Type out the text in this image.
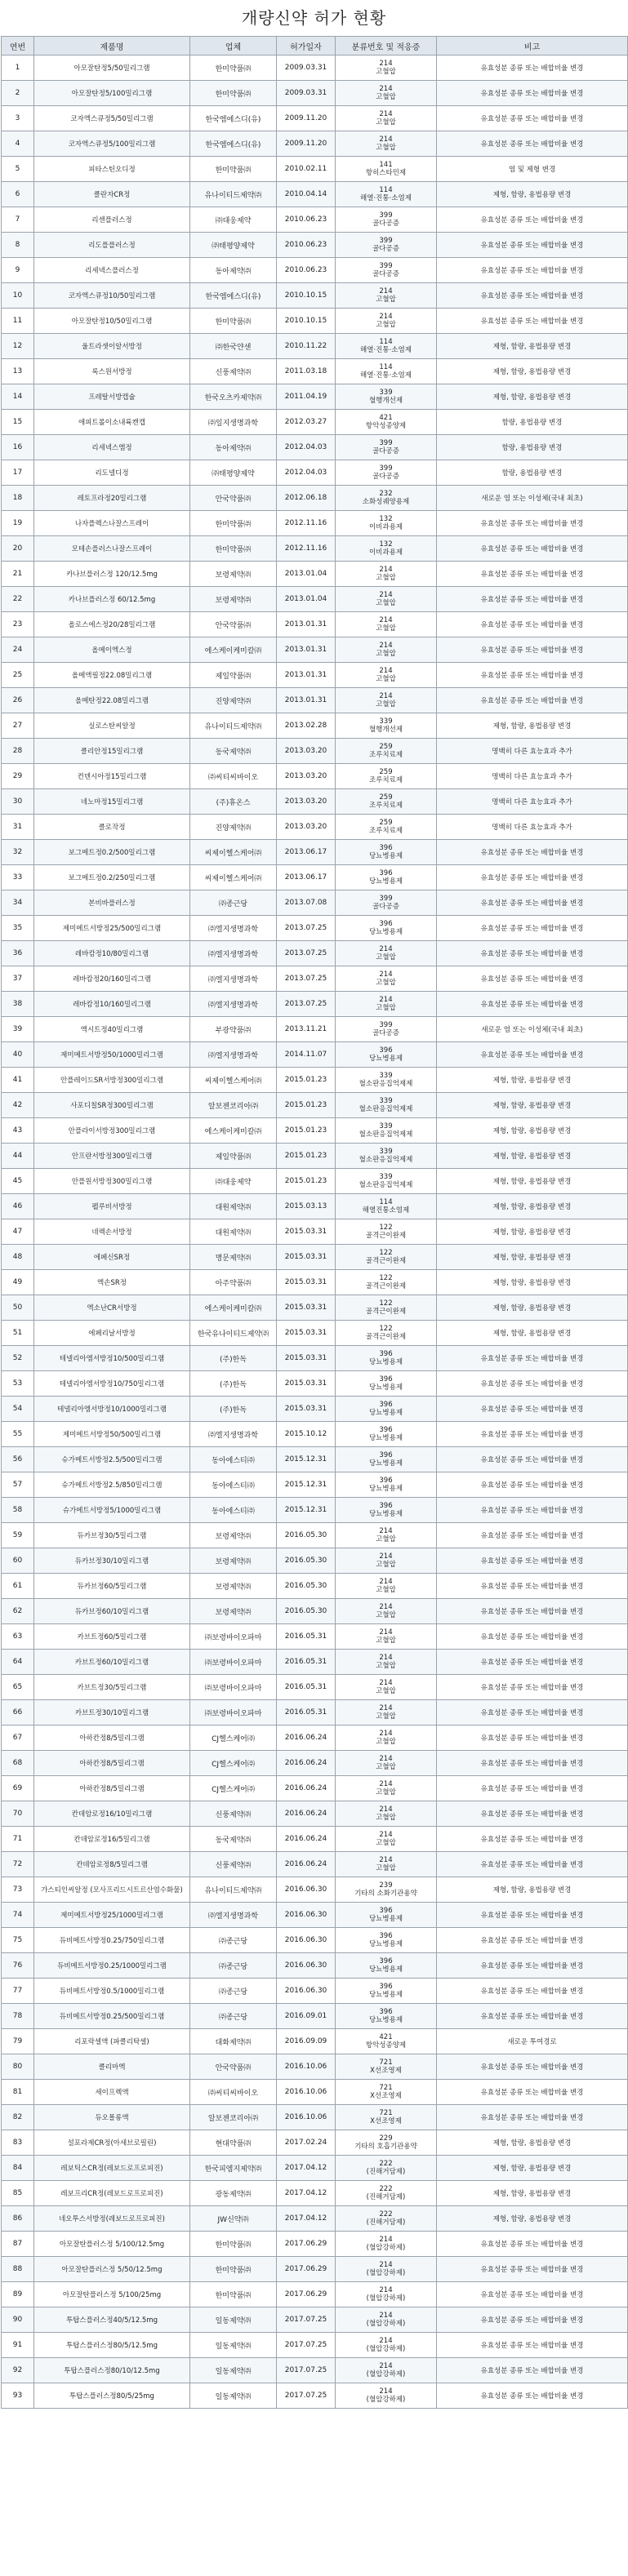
개량신약 허가 현황
연번	제품명	업체	허가일자	분류번호 및 적응증	비고
1	아모잘탄정5/50밀리그램	한미약품㈜	2009.03.31	214
고혈압	유효성분 종류 또는 배합비율 변경
2	아모잘탄정5/100밀리그램	한미약품㈜	2009.03.31	214
고혈압	유효성분 종류 또는 배합비율 변경
3	코자엑스큐정5/50밀리그램	한국엠에스디(유)	2009.11.20	214
고혈압	유효성분 종류 또는 배합비율 변경
4	코자엑스큐정5/100밀리그램	한국엠에스디(유)	2009.11.20	214
고혈압	유효성분 종류 또는 배합비율 변경
5	피타스틴오디정	한미약품㈜	2010.02.11	141
항히스타민제	염 및 제형 변경
6	클란자CR정	유나이티드제약㈜	2010.04.14	114
해열·진통·소염제	제형, 함량, 용법용량 변경
7	리센플러스정	㈜대웅제약	2010.06.23	399
골다공증	유효성분 종류 또는 배합비율 변경
8	리도플플러스정	㈜태평양제약	2010.06.23	399
골다공증	유효성분 종류 또는 배합비율 변경
9	리세넥스플러스정	동아제약㈜	2010.06.23	399
골다공증	유효성분 종류 또는 배합비율 변경
10	코자엑스큐정10/50밀리그램	한국엠에스디(유)	2010.10.15	214
고혈압	유효성분 종류 또는 배합비율 변경
11	아모잘탄정10/50밀리그램	한미약품㈜	2010.10.15	214
고혈압	유효성분 종류 또는 배합비율 변경
12	울트라셋이알서방정	㈜한국얀센	2010.11.22	114
해열·진통·소염제	제형, 함량, 용법용량 변경
13	록스원서방정	신풍제약㈜	2011.03.18	114
해열·진통·소염제	제형, 함량, 용법용량 변경
14	프레탈서방캡슐	한국오츠카제약㈜	2011.04.19	339
혈행개선제	제형, 함량, 용법용량 변경
15	애피트롤이소내륙캔캡	㈜일지생명과학	2012.03.27	421
항악성종양제	함량, 용법용량 변경
16	리세넥스엠정	동아제약㈜	2012.04.03	399
골다공증	함량, 용법용량 변경
17	리도넬디정	㈜태평양제약	2012.04.03	399
골다공증	함량, 용법용량 변경
18	레토프라정20밀리그램	안국약품㈜	2012.06.18	232
소화성궤양용제	새로운 염 또는 이성체(국내 최초)
19	나자플렉스나잘스프레이	한미약품㈜	2012.11.16	132
이비과용제	유효성분 종류 또는 배합비율 변경
20	모테손플러스나잘스프레이	한미약품㈜	2012.11.16	132
이비과용제	유효성분 종류 또는 배합비율 변경
21	카나브플러스정 120/12.5mg	보령제약㈜	2013.01.04	214
고혈압	유효성분 종류 또는 배합비율 변경
22	카나브플러스정 60/12.5mg	보령제약㈜	2013.01.04	214
고혈압	유효성분 종류 또는 배합비율 변경
23	올로스에스정20/28밀리그램	안국약품㈜	2013.01.31	214
고혈압	유효성분 종류 또는 배합비율 변경
24	올메이엑스정	에스케이케미칼㈜	2013.01.31	214
고혈압	유효성분 종류 또는 배합비율 변경
25	올메액필정22.08밀리그램	제일약품㈜	2013.01.31	214
고혈압	유효성분 종류 또는 배합비율 변경
26	올메탄정22.08밀리그램	진양제약㈜	2013.01.31	214
고혈압	유효성분 종류 또는 배합비율 변경
27	실로스탄씨알정	유나이티드제약㈜	2013.02.28	339
혈행개선제	제형, 함량, 용법용량 변경
28	클리안정15밀리그램	동국제약㈜	2013.03.20	259
조루치료제	명백히 다른 효능효과 추가
29	컨덴시아정15밀리그램	㈜씨티씨바이오	2013.03.20	259
조루치료제	명백히 다른 효능효과 추가
30	네노마정15밀리그램	(주)휴온스	2013.03.20	259
조루치료제	명백히 다른 효능효과 추가
31	클로작정	진양제약㈜	2013.03.20	259
조루치료제	명백히 다른 효능효과 추가
32	보그메트정0.2/500밀리그램	씨제이헬스케어㈜	2013.06.17	396
당뇨병용제	유효성분 종류 또는 배합비율 변경
33	보그메트정0.2/250밀리그램	씨제이헬스케어㈜	2013.06.17	396
당뇨병용제	유효성분 종류 또는 배합비율 변경
34	본비바플러스정	㈜종근당	2013.07.08	399
골다공증	유효성분 종류 또는 배합비율 변경
35	제미메트서방정25/500밀리그램	㈜엘지생명과학	2013.07.25	396
당뇨병용제	유효성분 종류 또는 배합비율 변경
36	레바캄정10/80밀리그램	㈜엘지생명과학	2013.07.25	214
고혈압	유효성분 종류 또는 배합비율 변경
37	레바캄정20/160밀리그램	㈜엘지생명과학	2013.07.25	214
고혈압	유효성분 종류 또는 배합비율 변경
38	레바캄정10/160밀리그램	㈜엘지생명과학	2013.07.25	214
고혈압	유효성분 종류 또는 배합비율 변경
39	엑시트정40밀리그램	부광약품㈜	2013.11.21	399
골다공증	새로운 염 또는 이성체(국내 최초)
40	제미메트서방정50/1000밀리그램	㈜엘지생명과학	2014.11.07	396
당뇨병용제	유효성분 종류 또는 배합비율 변경
41	안플레이드SR서방정300밀리그램	씨제이헬스케어㈜	2015.01.23	339
혈소판응집억제제	제형, 함량, 용법용량 변경
42	사포디칠SR정300밀리그램	알보젠코리아㈜	2015.01.23	339
혈소판응집억제제	제형, 함량, 용법용량 변경
43	안플라이서방정300밀리그램	에스케이케미칼㈜	2015.01.23	339
혈소판응집억제제	제형, 함량, 용법용량 변경
44	안프란서방정300밀리그램	제일약품㈜	2015.01.23	339
혈소판응집억제제	제형, 함량, 용법용량 변경
45	안플원서방정300밀리그램	㈜대웅제약	2015.01.23	339
혈소판응집억제제	제형, 함량, 용법용량 변경
46	펠루비서방정	대원제약㈜	2015.03.13	114
해열진통소염제	제형, 함량, 용법용량 변경
47	네렉손서방정	대원제약㈜	2015.03.31	122
골격근이완제	제형, 함량, 용법용량 변경
48	에페신SR정	명문제약㈜	2015.03.31	122
골격근이완제	제형, 함량, 용법용량 변경
49	엑손SR정	아주약품㈜	2015.03.31	122
골격근이완제	제형, 함량, 용법용량 변경
50	엑소난CR서방정	에스케이케미칼㈜	2015.03.31	122
골격근이완제	제형, 함량, 용법용량 변경
51	에페리날서방정	한국유나이티드제약㈜	2015.03.31	122
골격근이완제	제형, 함량, 용법용량 변경
52	테넬리아엠서방정10/500밀리그램	(주)한독	2015.03.31	396
당뇨병용제	유효성분 종류 또는 배합비율 변경
53	테넬리아엠서방정10/750밀리그램	(주)한독	2015.03.31	396
당뇨병용제	유효성분 종류 또는 배합비율 변경
54	테넬리아엠서방정10/1000밀리그램	(주)한독	2015.03.31	396
당뇨병용제	유효성분 종류 또는 배합비율 변경
55	제미메트서방정50/500밀리그램	㈜엘지생명과학	2015.10.12	396
당뇨병용제	유효성분 종류 또는 배합비율 변경
56	슈가메트서방정2.5/500밀리그램	동아에스티㈜	2015.12.31	396
당뇨병용제	유효성분 종류 또는 배합비율 변경
57	슈가메트서방정2.5/850밀리그램	동아에스티㈜	2015.12.31	396
당뇨병용제	유효성분 종류 또는 배합비율 변경
58	슈가메트서방정5/1000밀리그램	동아에스티㈜	2015.12.31	396
당뇨병용제	유효성분 종류 또는 배합비율 변경
59	듀카브정30/5밀리그램	보령제약㈜	2016.05.30	214
고혈압	유효성분 종류 또는 배합비율 변경
60	듀카브정30/10밀리그램	보령제약㈜	2016.05.30	214
고혈압	유효성분 종류 또는 배합비율 변경
61	듀카브정60/5밀리그램	보령제약㈜	2016.05.30	214
고혈압	유효성분 종류 또는 배합비율 변경
62	듀카브정60/10밀리그램	보령제약㈜	2016.05.30	214
고혈압	유효성분 종류 또는 배합비율 변경
63	카브트정60/5밀리그램	㈜보령바이오파마	2016.05.31	214
고혈압	유효성분 종류 또는 배합비율 변경
64	카브트정60/10밀리그램	㈜보령바이오파마	2016.05.31	214
고혈압	유효성분 종류 또는 배합비율 변경
65	카브트정30/5밀리그램	㈜보령바이오파마	2016.05.31	214
고혈압	유효성분 종류 또는 배합비율 변경
66	카브트정30/10밀리그램	㈜보령바이오파마	2016.05.31	214
고혈압	유효성분 종류 또는 배합비율 변경
67	아하칸정8/5밀리그램	CJ헬스케어㈜	2016.06.24	214
고혈압	유효성분 종류 또는 배합비율 변경
68	아하칸정8/5밀리그램	CJ헬스케어㈜	2016.06.24	214
고혈압	유효성분 종류 또는 배합비율 변경
69	아하칸정8/5밀리그램	CJ헬스케어㈜	2016.06.24	214
고혈압	유효성분 종류 또는 배합비율 변경
70	칸데암로정16/10밀리그램	신풍제약㈜	2016.06.24	214
고혈압	유효성분 종류 또는 배합비율 변경
71	칸데암로정16/5밀리그램	동국제약㈜	2016.06.24	214
고혈압	유효성분 종류 또는 배합비율 변경
72	칸데암로정8/5밀리그램	신풍제약㈜	2016.06.24	214
고혈압	유효성분 종류 또는 배합비율 변경
73	가스티인씨알정 (모사프리드시트르산염수화물)	유나이티드제약㈜	2016.06.30	239
기타의 소화기관용약	제형, 함량, 용법용량 변경
74	제미메트서방정25/1000밀리그램	㈜엘지생명과학	2016.06.30	396
당뇨병용제	유효성분 종류 또는 배합비율 변경
75	듀비메트서방정0.25/750밀리그램	㈜종근당	2016.06.30	396
당뇨병용제	유효성분 종류 또는 배합비율 변경
76	듀비메트서방정0.25/1000밀리그램	㈜종근당	2016.06.30	396
당뇨병용제	유효성분 종류 또는 배합비율 변경
77	듀비메트서방정0.5/1000밀리그램	㈜종근당	2016.06.30	396
당뇨병용제	유효성분 종류 또는 배합비율 변경
78	듀비메트서방정0.25/500밀리그램	㈜종근당	2016.09.01	396
당뇨병용제	유효성분 종류 또는 배합비율 변경
79	리포락셀액 (파클리탁셀)	대화제약㈜	2016.09.09	421
항악성종양제	새로운 투여경로
80	클리마엑	안국약품㈜	2016.10.06	721
X선조영제	유효성분 종류 또는 배합비율 변경
81	세이프렉액	㈜씨티씨바이오	2016.10.06	721
X선조영제	유효성분 종류 또는 배합비율 변경
82	듀오몰롱액	알보젠코리아㈜	2016.10.06	721
X선조영제	유효성분 종류 또는 배합비율 변경
83	설포라제CR정(아세브로필린)	현대약품㈜	2017.02.24	229
기타의 호흡기관용약	제형, 함량, 용법용량 변경
84	레보틱스CR정(레보드로프로피진)	한국피엠지제약㈜	2017.04.12	222
(진해거담제)	제형, 함량, 용법용량 변경
85	레보프리CR정(레보드로프로피진)	광동제약㈜	2017.04.12	222
(진해거담제)	제형, 함량, 용법용량 변경
86	네오투스서방정(레보드로프로피진)	JW신약㈜	2017.04.12	222
(진해거담제)	제형, 함량, 용법용량 변경
87	아모잘탄플러스정 5/100/12.5mg	한미약품㈜	2017.06.29	214
(혈압강하제)	유효성분 종류 또는 배합비율 변경
88	아모잘탄플러스정 5/50/12.5mg	한미약품㈜	2017.06.29	214
(혈압강하제)	유효성분 종류 또는 배합비율 변경
89	아모잘탄플러스정 5/100/25mg	한미약품㈜	2017.06.29	214
(혈압강하제)	유효성분 종류 또는 배합비율 변경
90	투탑스플러스정40/5/12.5mg	일동제약㈜	2017.07.25	214
(혈압강하제)	유효성분 종류 또는 배합비율 변경
91	투탑스플러스정80/5/12.5mg	일동제약㈜	2017.07.25	214
(혈압강하제)	유효성분 종류 또는 배합비율 변경
92	투탑스플러스정80/10/12.5mg	일동제약㈜	2017.07.25	214
(혈압강하제)	유효성분 종류 또는 배합비율 변경
93	투탑스플러스정80/5/25mg	일동제약㈜	2017.07.25	214
(혈압강하제)	유효성분 종류 또는 배합비율 변경
